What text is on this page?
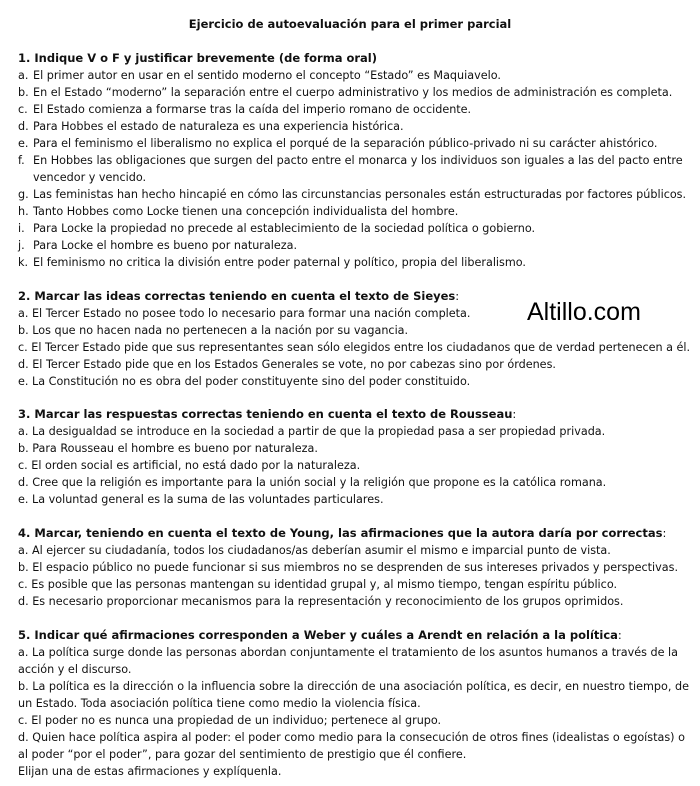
Ejercicio de autoevaluación para el primer parcial
Altillo.com

1. Indique V o F y justificar brevemente (de forma oral)

a. El primer autor en usar en el sentido moderno el concepto “Estado” es Maquiavelo.
b. En el Estado “moderno” la separación entre el cuerpo administrativo y los medios de administración es completa.
c. El Estado comienza a formarse tras la caída del imperio romano de occidente.
d. Para Hobbes el estado de naturaleza es una experiencia histórica.
e. Para el feminismo el liberalismo no explica el porqué de la separación público-privado ni su carácter ahistórico.
f. En Hobbes las obligaciones que surgen del pacto entre el monarca y los individuos son iguales a las del pacto entre vencedor y vencido.
g. Las feministas han hecho hincapié en cómo las circunstancias personales están estructuradas por factores públicos.
h. Tanto Hobbes como Locke tienen una concepción individualista del hombre.
i. Para Locke la propiedad no precede al establecimiento de la sociedad política o gobierno.
j. Para Locke el hombre es bueno por naturaleza.
k. El feminismo no critica la división entre poder paternal y político, propia del liberalismo.

2. Marcar las ideas correctas teniendo en cuenta el texto de Sieyes:

a. El Tercer Estado no posee todo lo necesario para formar una nación completa.
b. Los que no hacen nada no pertenecen a la nación por su vagancia.
c. El Tercer Estado pide que sus representantes sean sólo elegidos entre los ciudadanos que de verdad pertenecen a él.
d. El Tercer Estado pide que en los Estados Generales se vote, no por cabezas sino por órdenes.
e. La Constitución no es obra del poder constituyente sino del poder constituido.

3. Marcar las respuestas correctas teniendo en cuenta el texto de Rousseau:

a. La desigualdad se introduce en la sociedad a partir de que la propiedad pasa a ser propiedad privada.
b. Para Rousseau el hombre es bueno por naturaleza.
c. El orden social es artificial, no está dado por la naturaleza.
d. Cree que la religión es importante para la unión social y la religión que propone es la católica romana.
e. La voluntad general es la suma de las voluntades particulares.

4. Marcar, teniendo en cuenta el texto de Young, las afirmaciones que la autora daría por correctas:

a. Al ejercer su ciudadanía, todos los ciudadanos/as deberían asumir el mismo e imparcial punto de vista.
b. El espacio público no puede funcionar si sus miembros no se desprenden de sus intereses privados y perspectivas.
c. Es posible que las personas mantengan su identidad grupal y, al mismo tiempo, tengan espíritu público.
d. Es necesario proporcionar mecanismos para la representación y reconocimiento de los grupos oprimidos.

5. Indicar qué afirmaciones corresponden a Weber y cuáles a Arendt en relación a la política:

a. La política surge donde las personas abordan conjuntamente el tratamiento de los asuntos humanos a través de la acción y el discurso.
b. La política es la dirección o la influencia sobre la dirección de una asociación política, es decir, en nuestro tiempo, de un Estado. Toda asociación política tiene como medio la violencia física.
c. El poder no es nunca una propiedad de un individuo; pertenece al grupo.
d. Quien hace política aspira al poder: el poder como medio para la consecución de otros fines (idealistas o egoístas) o al poder “por el poder”, para gozar del sentimiento de prestigio que él confiere.
Elijan una de estas afirmaciones y explíquenla.
